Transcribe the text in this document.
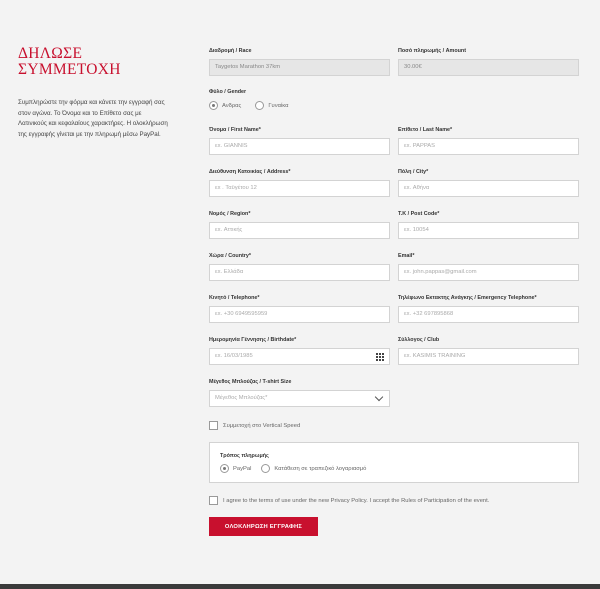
ΔΗΛΩΣΕ
ΣΥΜΜΕΤΟΧΗ

Συμπληρώστε την φόρμα και κάνετε την εγγραφή σας στον αγώνα. Το Όνομα και το Επίθετο σας με Λατινικούς και κεφαλαίους χαρακτήρες. Η ολοκλήρωση της εγγραφής γίνεται με την πληρωμή μέσω PayPal.

Διαδρομή / Race
Taygetos Marathon 37km
Ποσό πληρωμής / Amount
30.00€
Φύλο / Gender
Ανδρας	Γυναίκα
Όνομα / First Name*
εx. GIANNIS
Επίθετο / Last Name*
εx. PAPPAS
Διεύθυνση Κατοικίας / Address*
εx . Ταϋγέτου 12
Πόλη / City*
εx. Αθήνα
Νομός / Region*
εx. Αττικής
T.K / Post Code*
εx. 10054
Χώρα / Country*
εx. Ελλάδα
Email*
εx. john.pappas@gmail.com
Κινητό / Telephone*
εx. +30 6949595959
Τηλέφωνο Εκτακτης Ανάγκης / Emergency Telephone*
εx. +32 697895868
Ημερομηνία Γέννησης / Birthdate*
εx. 16/03/1985
Σύλλογος / Club
εx. KASIMIS TRAINING
Μέγεθος Μπλούζας / T-shirt Size
Μέγεθος Μπλούζας*
Συμμετοχή στο Vertical Speed
Τρόπος πληρωμής
PayPal	Κατάθεση σε τραπεζικό λογαριασμό
I agree to the terms of use under the new Privacy Policy. I accept the Rules of Participation of the event.
ΟΛΟΚΛΗΡΩΣΗ ΕΓΓΡΑΦΗΣ
